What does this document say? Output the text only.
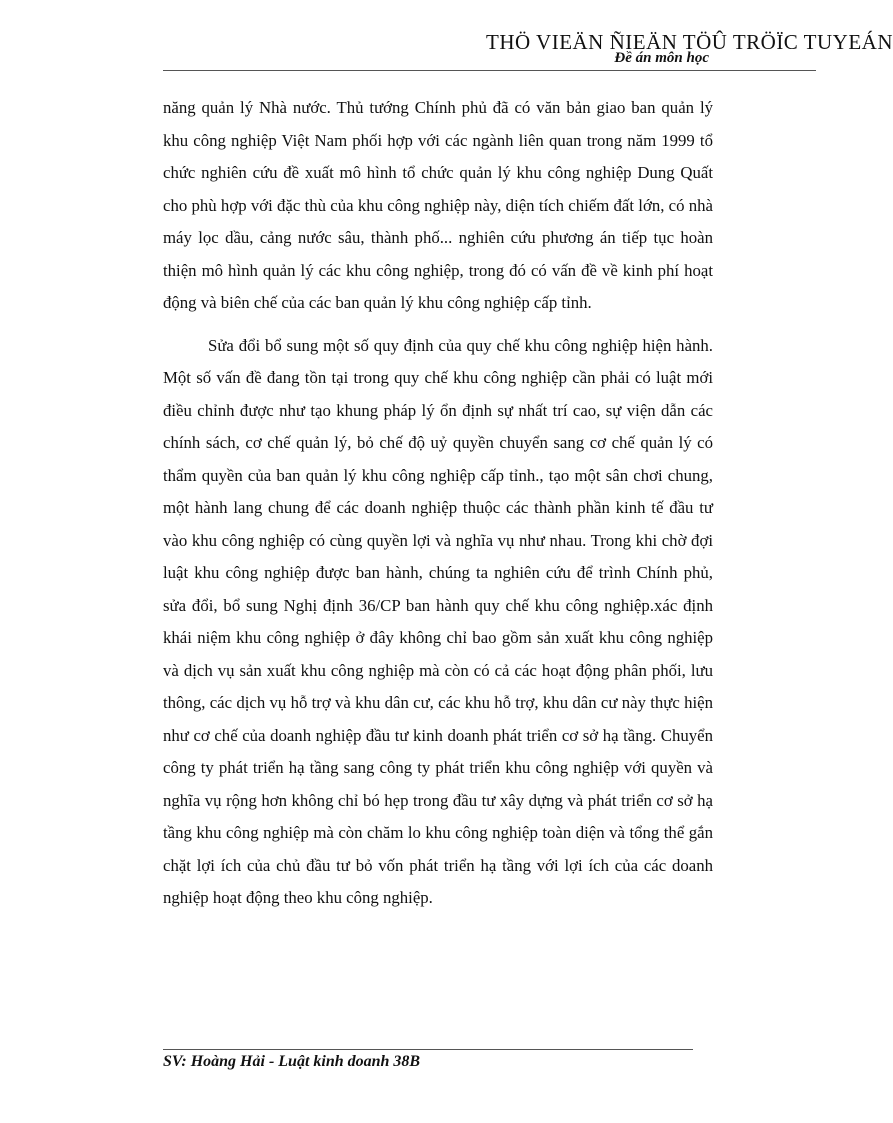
THÖ VIEÄN ÑIEÄN TÖÛ TRÖÏC TUYEÁN
Đề án môn học

năng quản lý Nhà nước. Thủ tướng Chính phủ đã có văn bản giao ban quản lý khu công nghiệp Việt Nam phối hợp với các ngành liên quan trong năm 1999 tổ chức nghiên cứu đề xuất mô hình tổ chức quản lý khu công nghiệp Dung Quất cho phù hợp với đặc thù của khu công nghiệp này, diện tích chiếm đất lớn, có nhà máy lọc dầu, cảng nước sâu, thành phố... nghiên cứu phương án tiếp tục hoàn thiện mô hình quản lý các khu công nghiệp, trong đó có vấn đề về kinh phí hoạt động và biên chế của các ban quản lý khu công nghiệp cấp tỉnh.

Sửa đổi bổ sung một số quy định của quy chế khu công nghiệp hiện hành. Một số vấn đề đang tồn tại trong quy chế khu công nghiệp cần phải có luật mới điều chỉnh được như tạo khung pháp lý ổn định sự nhất trí cao, sự viện dẫn các chính sách, cơ chế quản lý, bỏ chế độ uỷ quyền chuyển sang cơ chế quản lý có thẩm quyền của ban quản lý khu công nghiệp cấp tỉnh., tạo một sân chơi chung, một hành lang chung để các doanh nghiệp thuộc các thành phần kinh tế đầu tư vào khu công nghiệp có cùng quyền lợi và nghĩa vụ như nhau. Trong khi chờ đợi luật khu công nghiệp được ban hành, chúng ta nghiên cứu để trình Chính phủ, sửa đổi, bổ sung Nghị định 36/CP ban hành quy chế khu công nghiệp.xác định khái niệm khu công nghiệp ở đây không chỉ bao gồm sản xuất khu công nghiệp và dịch vụ sản xuất khu công nghiệp mà còn có cả các hoạt động phân phối, lưu thông, các dịch vụ hỗ trợ và khu dân cư, các khu hỗ trợ, khu dân cư này thực hiện như cơ chế của doanh nghiệp đầu tư kinh doanh phát triển cơ sở hạ tầng. Chuyển công ty phát triển hạ tầng sang công ty phát triển khu công nghiệp với quyền và nghĩa vụ rộng hơn không chỉ bó hẹp trong đầu tư xây dựng và phát triển cơ sở hạ tầng khu công nghiệp mà còn chăm lo khu công nghiệp toàn diện và tổng thể gắn chặt lợi ích của chủ đầu tư bỏ vốn phát triển hạ tầng với lợi ích của các doanh nghiệp hoạt động theo khu công nghiệp.

SV: Hoàng Hải - Luật kinh doanh 38B
